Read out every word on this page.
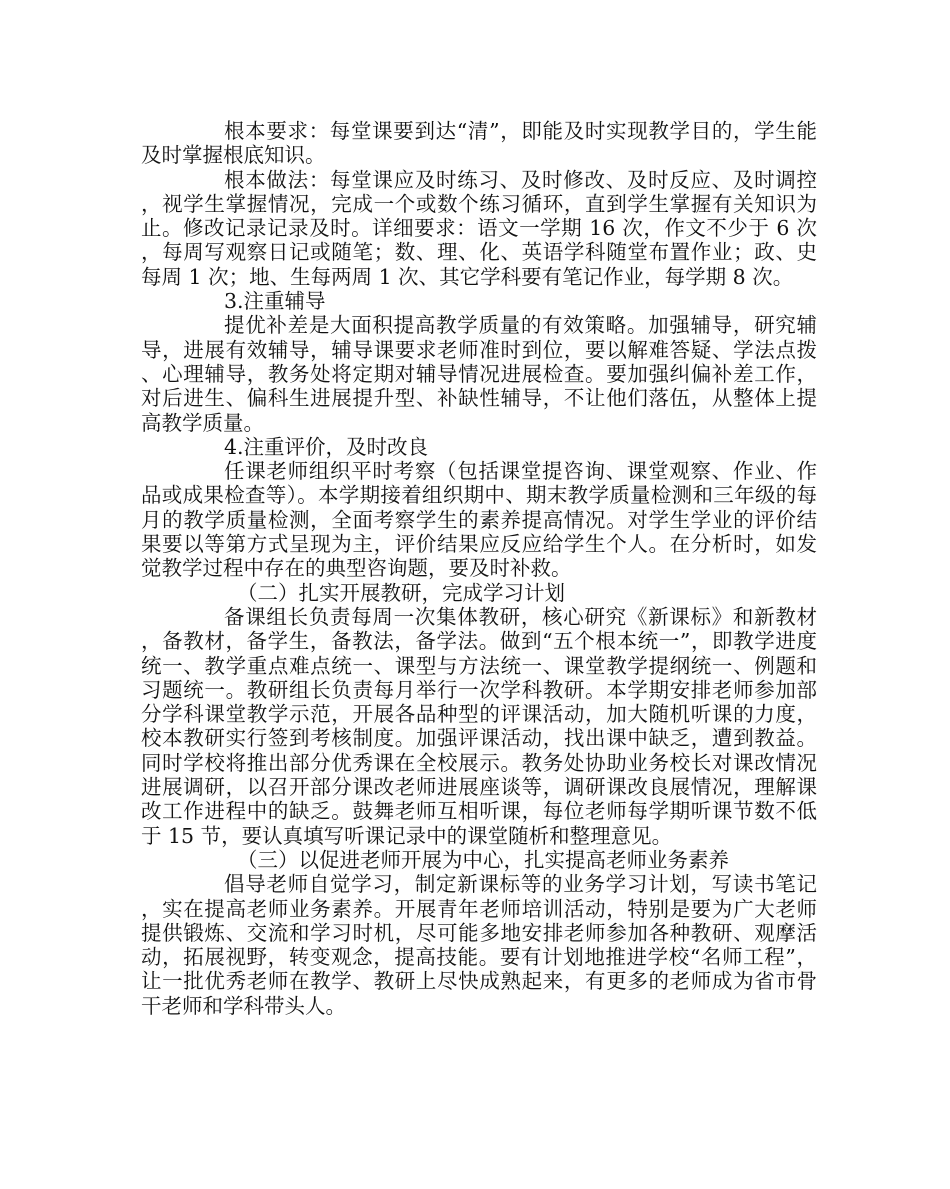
根本要求：每堂课要到达“清”，即能及时实现教学目的，学生能及时掌握根底知识。

根本做法：每堂课应及时练习、及时修改、及时反应、及时调控，视学生掌握情况，完成一个或数个练习循环，直到学生掌握有关知识为止。修改记录记录及时。详细要求：语文一学期 16 次，作文不少于 6 次，每周写观察日记或随笔；数、理、化、英语学科随堂布置作业；政、史每周 1 次；地、生每两周 1 次、其它学科要有笔记作业，每学期 8 次。

3.注重辅导

提优补差是大面积提高教学质量的有效策略。加强辅导，研究辅导，进展有效辅导，辅导课要求老师准时到位，要以解难答疑、学法点拨、心理辅导，教务处将定期对辅导情况进展检查。要加强纠偏补差工作，对后进生、偏科生进展提升型、补缺性辅导，不让他们落伍，从整体上提高教学质量。

4.注重评价，及时改良

任课老师组织平时考察（包括课堂提咨询、课堂观察、作业、作品或成果检查等）。本学期接着组织期中、期末教学质量检测和三年级的每月的教学质量检测，全面考察学生的素养提高情况。对学生学业的评价结果要以等第方式呈现为主，评价结果应反应给学生个人。在分析时，如发觉教学过程中存在的典型咨询题，要及时补救。

（二）扎实开展教研，完成学习计划

备课组长负责每周一次集体教研，核心研究《新课标》和新教材，备教材，备学生，备教法，备学法。做到“五个根本统一”，即教学进度统一、教学重点难点统一、课型与方法统一、课堂教学提纲统一、例题和习题统一。教研组长负责每月举行一次学科教研。本学期安排老师参加部分学科课堂教学示范，开展各品种型的评课活动，加大随机听课的力度，校本教研实行签到考核制度。加强评课活动，找出课中缺乏，遭到教益。同时学校将推出部分优秀课在全校展示。教务处协助业务校长对课改情况进展调研，以召开部分课改老师进展座谈等，调研课改良展情况，理解课改工作进程中的缺乏。鼓舞老师互相听课，每位老师每学期听课节数不低于 15 节，要认真填写听课记录中的课堂随析和整理意见。

（三）以促进老师开展为中心，扎实提高老师业务素养

倡导老师自觉学习，制定新课标等的业务学习计划，写读书笔记，实在提高老师业务素养。开展青年老师培训活动，特别是要为广大老师提供锻炼、交流和学习时机，尽可能多地安排老师参加各种教研、观摩活动，拓展视野，转变观念，提高技能。要有计划地推进学校“名师工程”，让一批优秀老师在教学、教研上尽快成熟起来，有更多的老师成为省市骨干老师和学科带头人。
